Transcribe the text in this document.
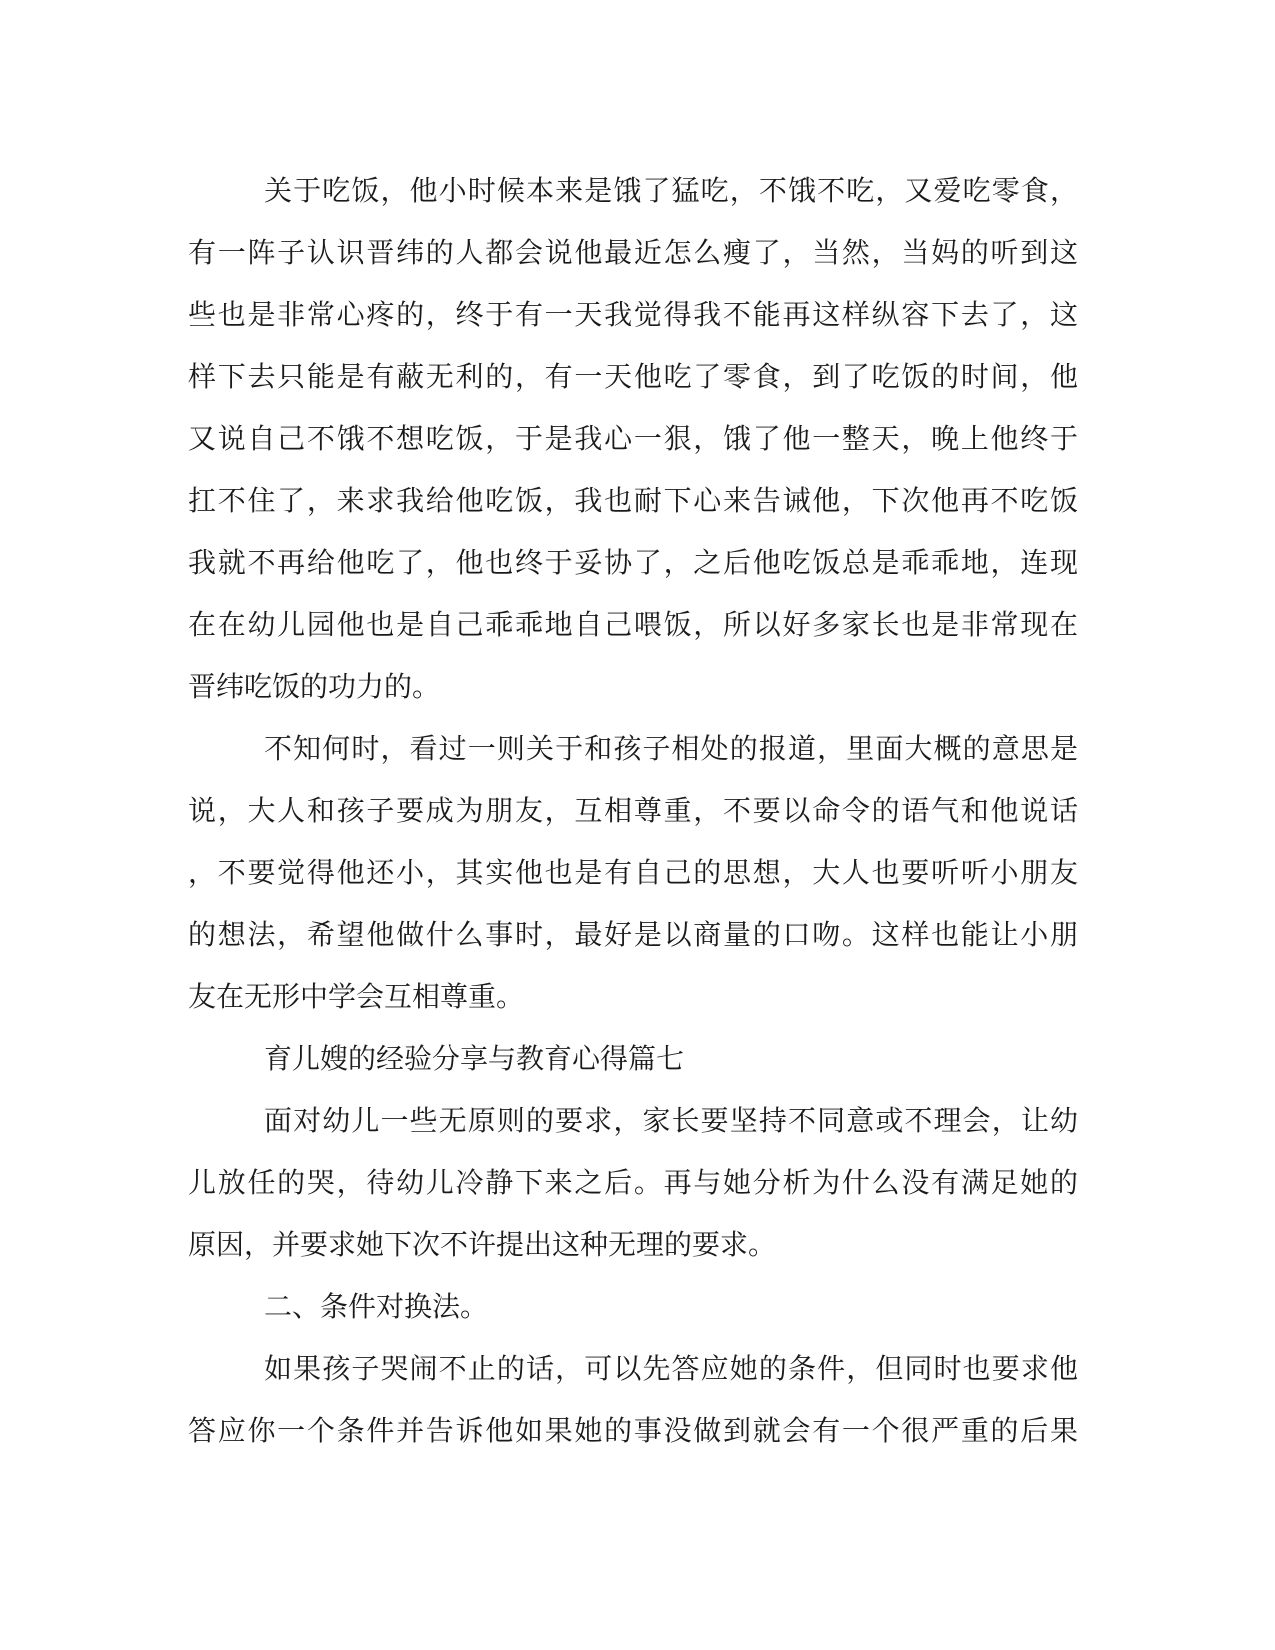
关于吃饭，他小时候本来是饿了猛吃，不饿不吃，又爱吃零食，
有一阵子认识晋纬的人都会说他最近怎么瘦了，当然，当妈的听到这
些也是非常心疼的，终于有一天我觉得我不能再这样纵容下去了，这
样下去只能是有蔽无利的，有一天他吃了零食，到了吃饭的时间，他
又说自己不饿不想吃饭，于是我心一狠，饿了他一整天，晚上他终于
扛不住了，来求我给他吃饭，我也耐下心来告诫他，下次他再不吃饭
我就不再给他吃了，他也终于妥协了，之后他吃饭总是乖乖地，连现
在在幼儿园他也是自己乖乖地自己喂饭，所以好多家长也是非常现在
晋纬吃饭的功力的。
不知何时，看过一则关于和孩子相处的报道，里面大概的意思是
说，大人和孩子要成为朋友，互相尊重，不要以命令的语气和他说话
，不要觉得他还小，其实他也是有自己的思想，大人也要听听小朋友
的想法，希望他做什么事时，最好是以商量的口吻。这样也能让小朋
友在无形中学会互相尊重。
育儿嫂的经验分享与教育心得篇七
面对幼儿一些无原则的要求，家长要坚持不同意或不理会，让幼
儿放任的哭，待幼儿冷静下来之后。再与她分析为什么没有满足她的
原因，并要求她下次不许提出这种无理的要求。
二、条件对换法。
如果孩子哭闹不止的话，可以先答应她的条件，但同时也要求他
答应你一个条件并告诉他如果她的事没做到就会有一个很严重的后果
